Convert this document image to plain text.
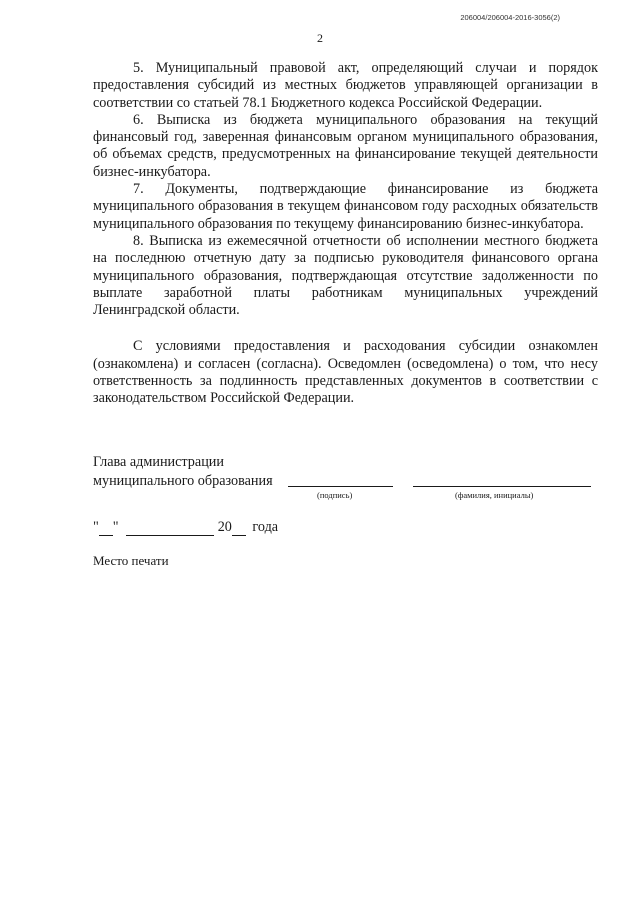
206004/206004-2016-3056(2)
2

5. Муниципальный правовой акт, определяющий случаи и порядок предоставления субсидий из местных бюджетов управляющей организации в соответствии со статьей 78.1 Бюджетного кодекса Российской Федерации.

6. Выписка из бюджета муниципального образования на текущий финансовый год, заверенная финансовым органом муниципального образования, об объемах средств, предусмотренных на финансирование текущей деятельности бизнес-инкубатора.

7. Документы, подтверждающие финансирование из бюджета муниципального образования в текущем финансовом году расходных обязательств муниципального образования по текущему финансированию бизнес-инкубатора.

8. Выписка из ежемесячной отчетности об исполнении местного бюджета на последнюю отчетную дату за подписью руководителя финансового органа муниципального образования, подтверждающая отсутствие задолженности по выплате заработной платы работникам муниципальных учреждений Ленинградской области.

С условиями предоставления и расходования субсидии ознакомлен (ознакомлена) и согласен (согласна). Осведомлен (осведомлена) о том, что несу ответственность за подлинность представленных документов в соответствии с законодательством Российской Федерации.

Глава администрации
муниципального образования
(подпись)	(фамилия, инициалы)
" "	20 года
Место печати
